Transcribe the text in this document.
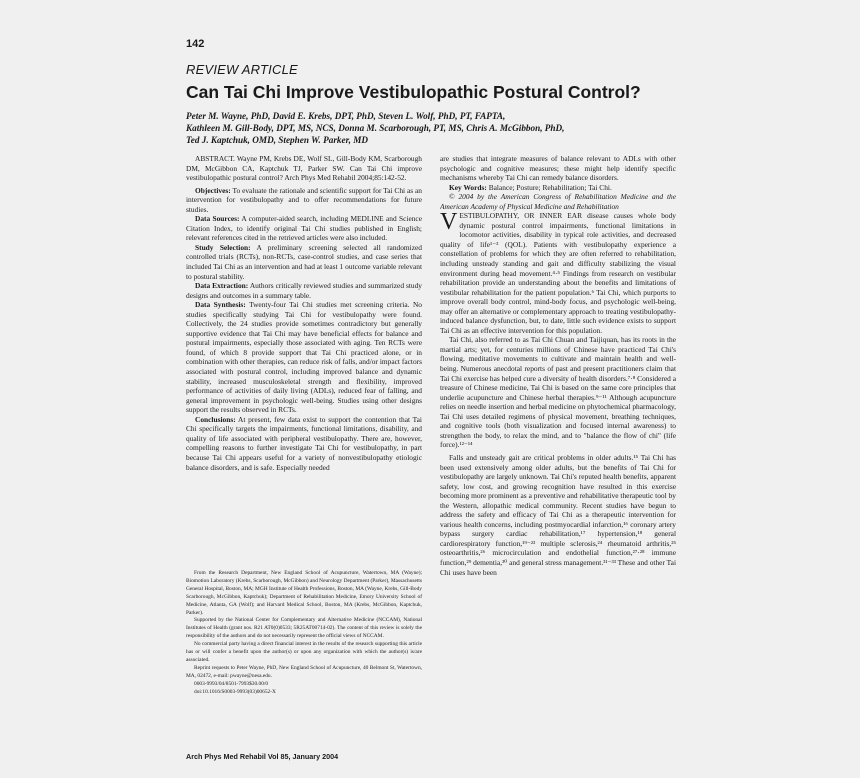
142
REVIEW ARTICLE
Can Tai Chi Improve Vestibulopathic Postural Control?
Peter M. Wayne, PhD, David E. Krebs, DPT, PhD, Steven L. Wolf, PhD, PT, FAPTA,
Kathleen M. Gill-Body, DPT, MS, NCS, Donna M. Scarborough, PT, MS, Chris A. McGibbon, PhD,
Ted J. Kaptchuk, OMD, Stephen W. Parker, MD

ABSTRACT. Wayne PM, Krebs DE, Wolf SL, Gill-Body KM, Scarborough DM, McGibbon CA, Kaptchuk TJ, Parker SW. Can Tai Chi improve vestibulopathic postural control? Arch Phys Med Rehabil 2004;85:142-52.

Objectives: To evaluate the rationale and scientific support for Tai Chi as an intervention for vestibulopathy and to offer recommendations for future studies.

Data Sources: A computer-aided search, including MEDLINE and Science Citation Index, to identify original Tai Chi studies published in English; relevant references cited in the retrieved articles were also included.

Study Selection: A preliminary screening selected all randomized controlled trials (RCTs), non-RCTs, case-control studies, and case series that included Tai Chi as an intervention and had at least 1 outcome variable relevant to postural stability.

Data Extraction: Authors critically reviewed studies and summarized study designs and outcomes in a summary table.

Data Synthesis: Twenty-four Tai Chi studies met screening criteria. No studies specifically studying Tai Chi for vestibulopathy were found. Collectively, the 24 studies provide sometimes contradictory but generally supportive evidence that Tai Chi may have beneficial effects for balance and postural impairments, especially those associated with aging. Ten RCTs were found, of which 8 provide support that Tai Chi practiced alone, or in combination with other therapies, can reduce risk of falls, and/or impact factors associated with postural control, including improved balance and dynamic stability, increased musculoskeletal strength and flexibility, improved performance of activities of daily living (ADLs), reduced fear of falling, and general improvement in psychologic well-being. Studies using other designs support the results observed in RCTs.

Conclusions: At present, few data exist to support the contention that Tai Chi specifically targets the impairments, functional limitations, disability, and quality of life associated with peripheral vestibulopathy. There are, however, compelling reasons to further investigate Tai Chi for vestibulopathy, in part because Tai Chi appears useful for a variety of nonvestibulopathy etiologic balance disorders, and is safe. Especially needed

From the Research Department, New England School of Acupuncture, Watertown, MA (Wayne); Biomotion Laboratory (Krebs, Scarborough, McGibbon) and Neurology Department (Parker), Massachusetts General Hospital, Boston, MA; MGH Institute of Health Professions, Boston, MA (Wayne, Krebs, Gill-Body Scarborough, McGibbon, Kaptchuk); Department of Rehabilitation Medicine, Emory University School of Medicine, Atlanta, GA (Wolf); and Harvard Medical School, Boston, MA (Krebs, McGibbon, Kaptchuk, Parker).

Supported by the National Center for Complementary and Alternative Medicine (NCCAM), National Institutes of Health (grant nos. R21 AT0(0)0533; 5R25AT00714-02). The content of this review is solely the responsibility of the authors and do not necessarily represent the official views of NCCAM.

No commercial party having a direct financial interest in the results of the research supporting this article has or will confer a benefit upon the author(s) or upon any organization with which the author(s) is/are associated.

Reprint requests to Peter Wayne, PhD, New England School of Acupuncture, 40 Belmont St, Watertown, MA, 02472, e-mail: pwayne@nesa.edu.

0003-9993/04/8501-7993$30.00/0

doi:10.1016/S0003-9993(03)00652-X

are studies that integrate measures of balance relevant to ADLs with other psychologic and cognitive measures; these might help identify specific mechanisms whereby Tai Chi can remedy balance disorders.

Key Words: Balance; Posture; Rehabilitation; Tai Chi.

© 2004 by the American Congress of Rehabilitation Medicine and the American Academy of Physical Medicine and Rehabilitation

VESTIBULOPATHY, OR INNER EAR disease causes whole body dynamic postural control impairments, functional limitations in locomotor activities, disability in typical role activities, and decreased quality of life¹⁻³ (QOL). Patients with vestibulopathy experience a constellation of problems for which they are often referred to rehabilitation, including unsteady standing and gait and difficulty stabilizing the visual environment during head movement.⁴·⁵ Findings from research on vestibular rehabilitation provide an understanding about the benefits and limitations of vestibular rehabilitation for the patient population.⁶ Tai Chi, which purports to improve overall body control, mind-body focus, and psychologic well-being, may offer an alternative or complementary approach to treating vestibulopathy-induced balance dysfunction, but, to date, little such evidence exists to support Tai Chi as an effective intervention for this population.

Tai Chi, also referred to as Tai Chi Chuan and Taijiquan, has its roots in the martial arts; yet, for centuries millions of Chinese have practiced Tai Chi's flowing, meditative movements to cultivate and maintain health and well-being. Numerous anecdotal reports of past and present practitioners claim that Tai Chi exercise has helped cure a diversity of health disorders.⁷·⁸ Considered a treasure of Chinese medicine, Tai Chi is based on the same core principles that underlie acupuncture and Chinese herbal therapies.⁹⁻¹¹ Although acupuncture relies on needle insertion and herbal medicine on phytochemical pharmacology, Tai Chi uses detailed regimens of physical movement, breathing techniques, and cognitive tools (both visualization and focused internal awareness) to strengthen the body, to relax the mind, and to "balance the flow of chi" (life force).¹²⁻¹⁴

Falls and unsteady gait are critical problems in older adults.¹⁵ Tai Chi has been used extensively among older adults, but the benefits of Tai Chi for vestibulopathy are largely unknown. Tai Chi's reputed health benefits, apparent safety, low cost, and growing recognition have resulted in this exercise becoming more prominent as a preventive and rehabilitative therapeutic tool by the Western, allopathic medical community. Recent studies have begun to address the safety and efficacy of Tai Chi as a therapeutic intervention for various health concerns, including postmyocardial infarction,¹⁶ coronary artery bypass surgery cardiac rehabilitation,¹⁷ hypertension,¹⁸ general cardiorespiratory function,¹⁹⁻²³ multiple sclerosis,²⁴ rheumatoid arthritis,²⁵ osteoarthritis,²⁶ microcirculation and endothelial function,²⁷·²⁸ immune function,²⁹ dementia,³⁰ and general stress management.³¹⁻³³ These and other Tai Chi uses have been

Arch Phys Med Rehabil Vol 85, January 2004
